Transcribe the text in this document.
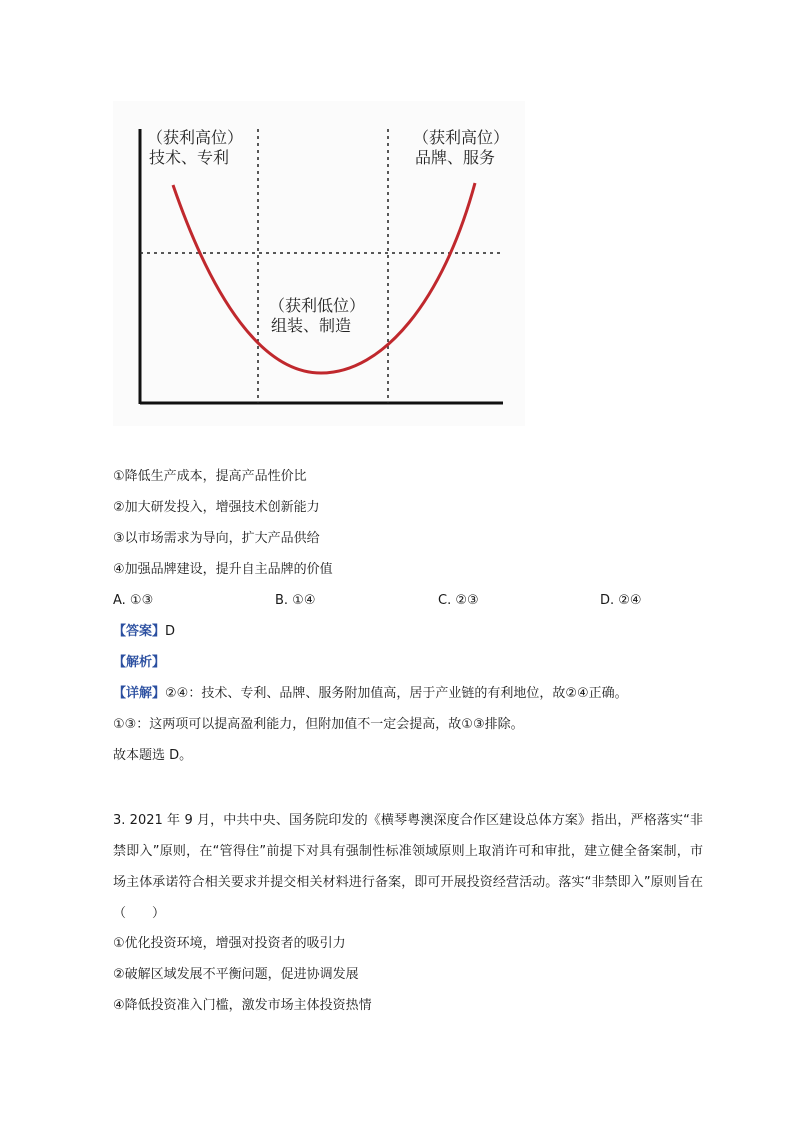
（获利高位）
技术、专利
（获利高位）
品牌、服务
（获利低位）
组装、制造
①降低生产成本，提高产品性价比
②加大研发投入，增强技术创新能力
③以市场需求为导向，扩大产品供给
④加强品牌建设，提升自主品牌的价值
A. ①③	B. ①④	C. ②③	D. ②④
【答案】D
【解析】
【详解】②④：技术、专利、品牌、服务附加值高，居于产业链的有利地位，故②④正确。
①③：这两项可以提高盈利能力，但附加值不一定会提高，故①③排除。
故本题选 D。
3. 2021 年 9 月，中共中央、国务院印发的《横琴粤澳深度合作区建设总体方案》指出，严格落实“非禁即入”原则，在“管得住”前提下对具有强制性标准领域原则上取消许可和审批，建立健全备案制，市场主体承诺符合相关要求并提交相关材料进行备案，即可开展投资经营活动。落实“非禁即入”原则旨在（　　）
①优化投资环境，增强对投资者的吸引力
②破解区域发展不平衡问题，促进协调发展
④降低投资准入门槛，激发市场主体投资热情
